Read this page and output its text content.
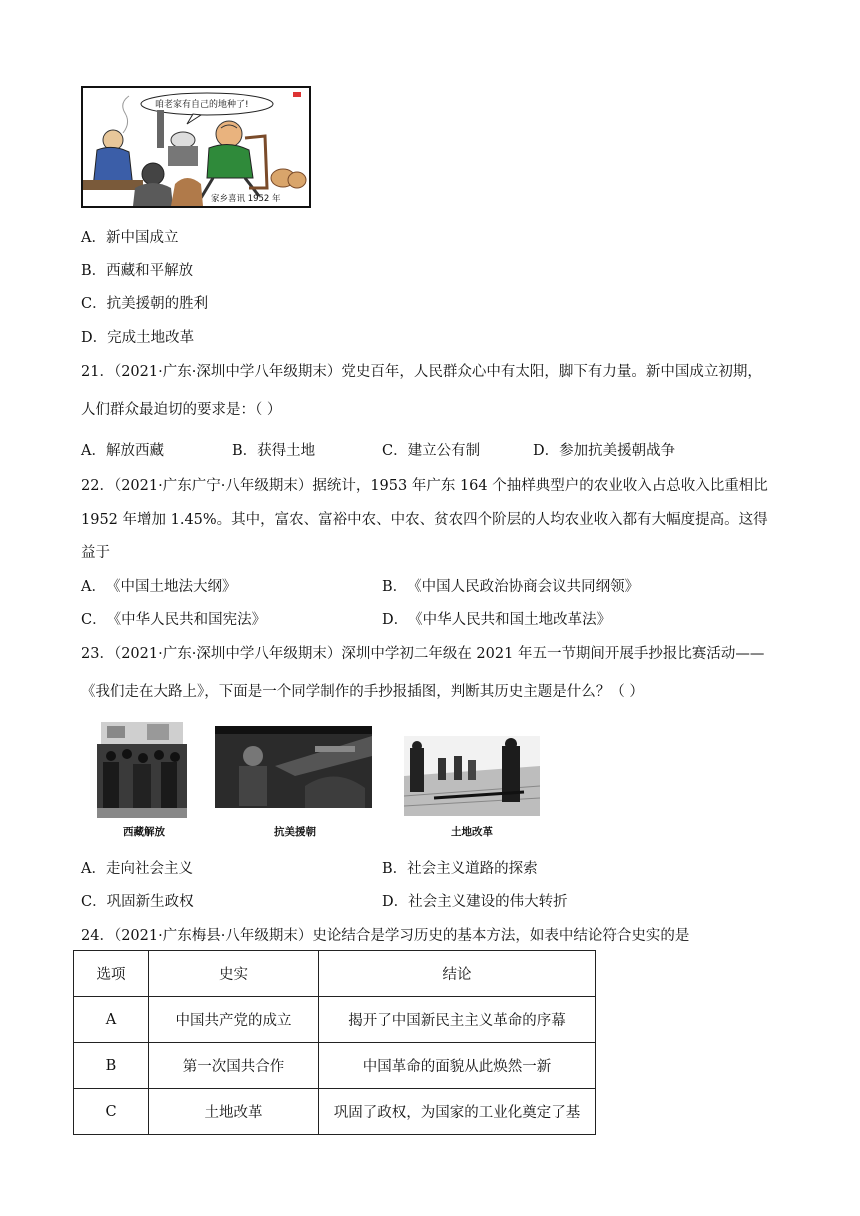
咱老家有自己的地种了!
家乡喜讯 1952 年
A．新中国成立
B．西藏和平解放
C．抗美援朝的胜利
D．完成土地改革
21．（2021·广东·深圳中学八年级期末）党史百年，人民群众心中有太阳，脚下有力量。新中国成立初期，
人们群众最迫切的要求是：（ ）
A．解放西藏	B．获得土地	C．建立公有制	D．参加抗美援朝战争
22．（2021·广东广宁·八年级期末）据统计，1953 年广东 164 个抽样典型户的农业收入占总收入比重相比
1952 年增加 1.45%。其中，富农、富裕中农、中农、贫农四个阶层的人均农业收入都有大幅度提高。这得
益于
A．《中国土地法大纲》	B．《中国人民政治协商会议共同纲领》
C．《中华人民共和国宪法》	D．《中华人民共和国土地改革法》
23．（2021·广东·深圳中学八年级期末）深圳中学初二年级在 2021 年五一节期间开展手抄报比赛活动——
《我们走在大路上》，下面是一个同学制作的手抄报插图，判断其历史主题是什么？（ ）
西藏解放	抗美援朝	土地改革
A．走向社会主义	B．社会主义道路的探索
C．巩固新生政权	D．社会主义建设的伟大转折
24．（2021·广东梅县·八年级期末）史论结合是学习历史的基本方法，如表中结论符合史实的是
选项	史实	结论
A	中国共产党的成立	揭开了中国新民主主义革命的序幕
B	第一次国共合作	中国革命的面貌从此焕然一新
C	土地改革	巩固了政权，为国家的工业化奠定了基
